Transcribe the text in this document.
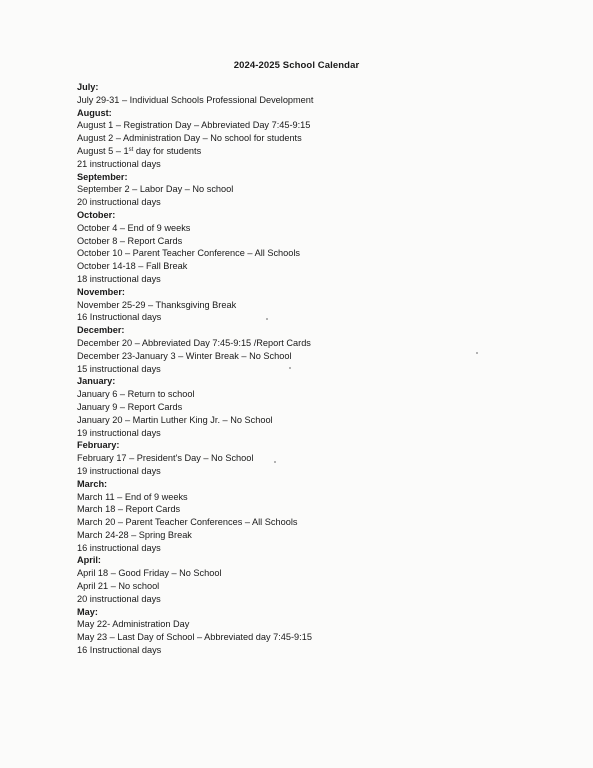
2024-2025 School Calendar
July:
July 29-31 – Individual Schools Professional Development
August:
August 1 – Registration Day – Abbreviated Day 7:45-9:15
August 2 – Administration Day – No school for students
August 5 – 1st day for students
21 instructional days
September:
September 2 – Labor Day – No school
20 instructional days
October:
October 4 – End of 9 weeks
October 8 – Report Cards
October 10 – Parent Teacher Conference – All Schools
October 14-18 – Fall Break
18 instructional days
November:
November 25-29 – Thanksgiving Break
16 Instructional days
December:
December 20 – Abbreviated Day 7:45-9:15 /Report Cards
December 23-January 3 – Winter Break – No School
15 instructional days
January:
January 6 – Return to school
January 9 – Report Cards
January 20 – Martin Luther King Jr. – No School
19 instructional days
February:
February 17 – President's Day – No School
19 instructional days
March:
March 11 – End of 9 weeks
March 18 – Report Cards
March 20 – Parent Teacher Conferences – All Schools
March 24-28 – Spring Break
16 instructional days
April:
April 18 – Good Friday – No School
April 21 – No school
20 instructional days
May:
May 22- Administration Day
May 23 – Last Day of School – Abbreviated day 7:45-9:15
16 Instructional days
